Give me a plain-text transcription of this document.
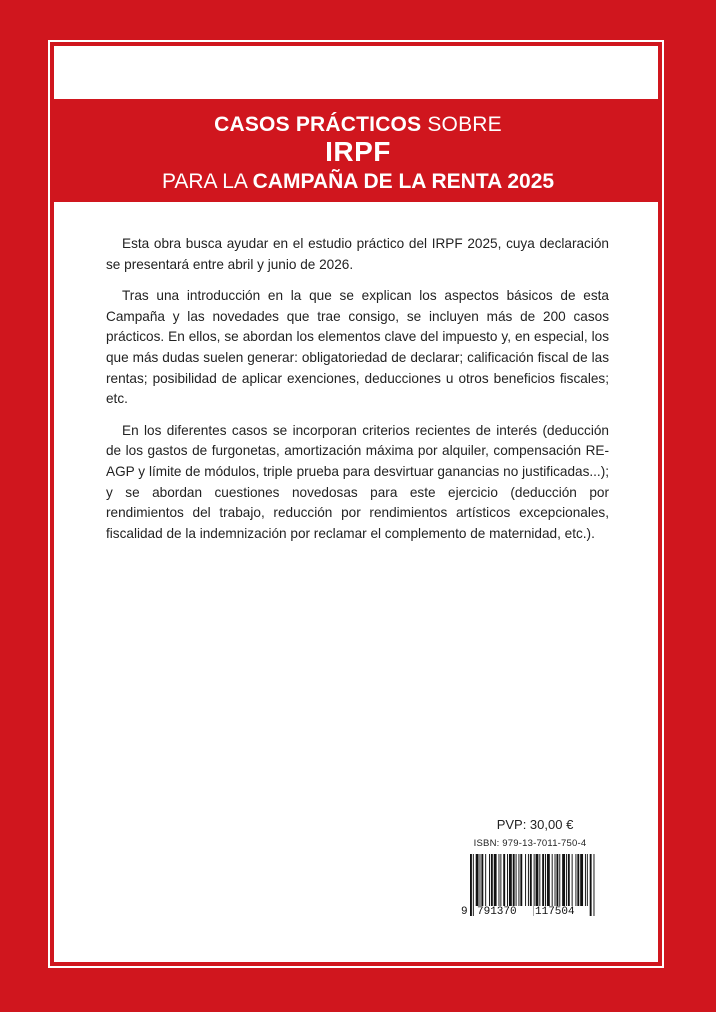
CASOS PRÁCTICOS SOBRE
IRPF
PARA LA CAMPAÑA DE LA RENTA 2025

Esta obra busca ayudar en el estudio práctico del IRPF 2025, cuya declaración se presentará entre abril y junio de 2026.

Tras una introducción en la que se explican los aspectos básicos de esta Campaña y las novedades que trae consigo, se incluyen más de 200 casos prácticos. En ellos, se abordan los elementos clave del impuesto y, en especial, los que más dudas suelen generar: obligatoriedad de declarar; calificación fiscal de las rentas; posibilidad de aplicar exenciones, deducciones u otros beneficios fiscales; etc.

En los diferentes casos se incorporan criterios recientes de interés (deducción de los gastos de furgonetas, amortización máxima por alquiler, compensación RE-AGP y límite de módulos, triple prueba para desvirtuar ganancias no justificadas...); y se abordan cuestiones novedosas para este ejercicio (deducción por rendimientos del trabajo, reducción por rendimientos artísticos excepcionales, fiscalidad de la indemnización por reclamar el complemento de maternidad, etc.).

PVP: 30,00 €
ISBN: 979-13-7011-750-4
9 791370 117504
